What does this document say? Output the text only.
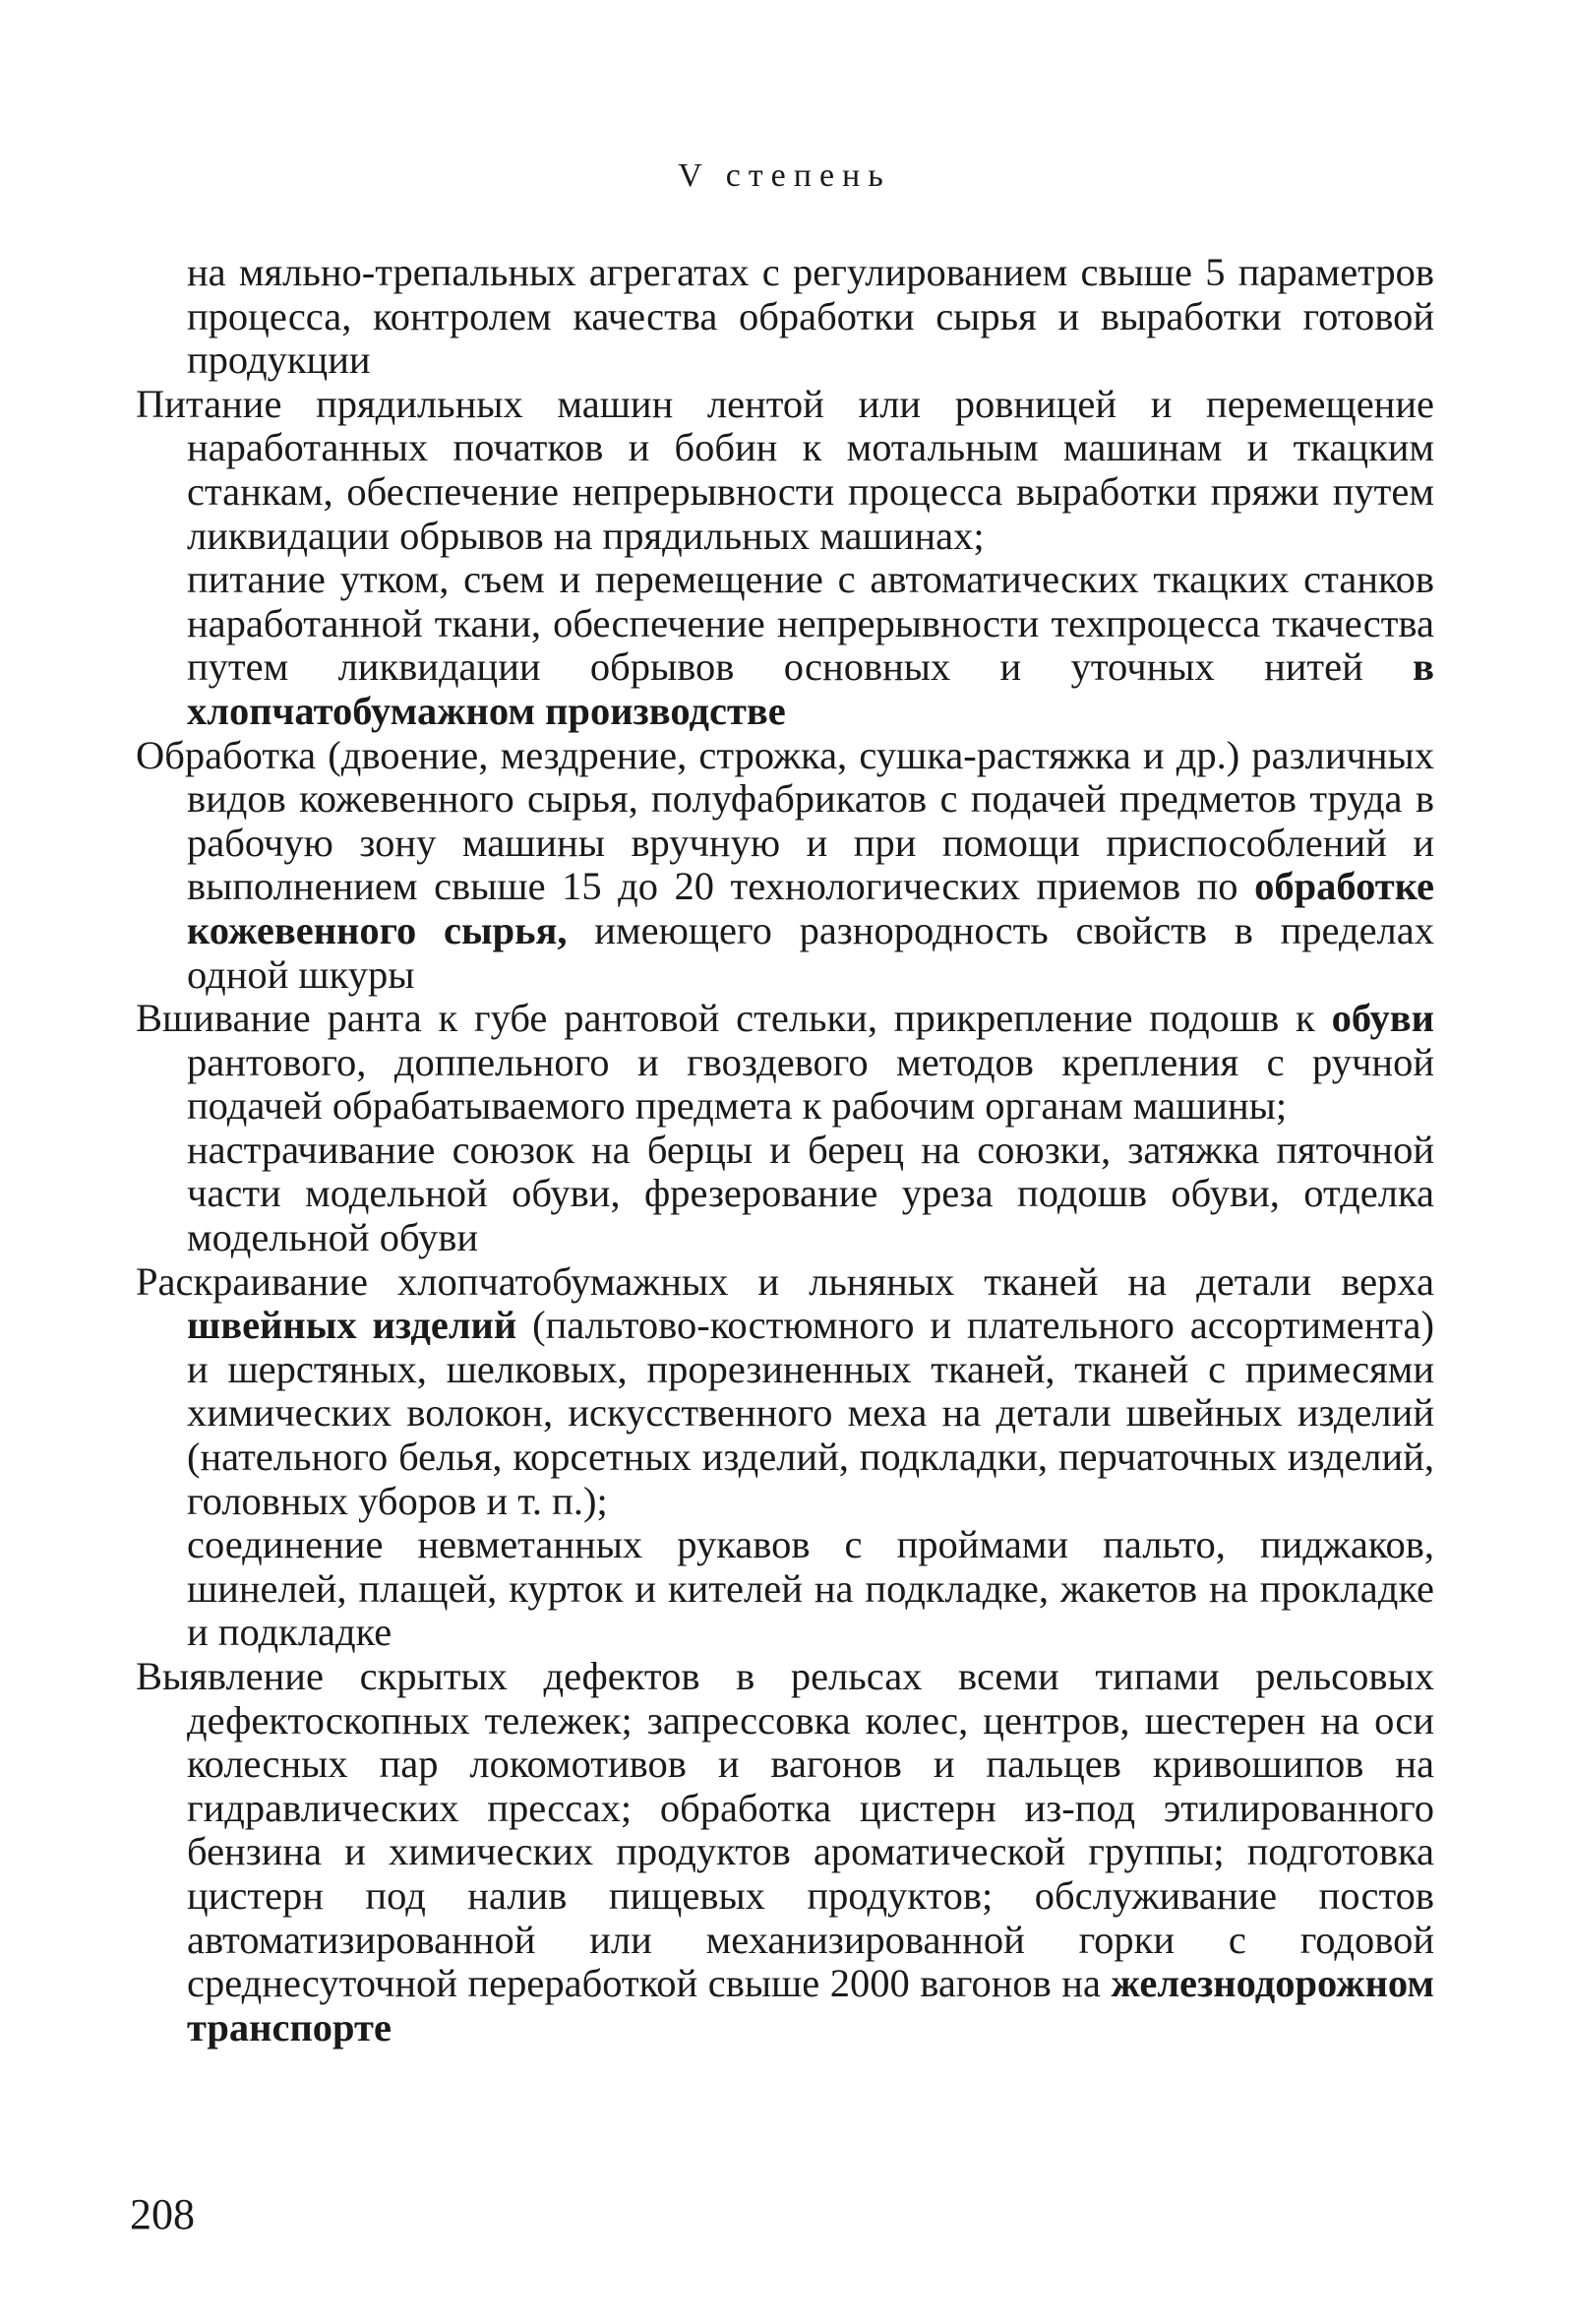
V степень

на мяльно-трепальных агрегатах с регулированием свыше 5 параметров процесса, контролем качества обработки сырья и выработки готовой продукции

Питание прядильных машин лентой или ровницей и перемещение наработанных початков и бобин к мотальным машинам и ткацким станкам, обеспечение непрерывности процесса выработки пряжи путем ликвидации обрывов на прядильных машинах;

питание утком, съем и перемещение с автоматических ткацких станков наработанной ткани, обеспечение непрерывности техпроцесса ткачества путем ликвидации обрывов основных и уточных нитей в хлопчатобумажном производстве

Обработка (двоение, мездрение, строжка, сушка-растяжка и др.) различных видов кожевенного сырья, полуфабрикатов с подачей предметов труда в рабочую зону машины вручную и при помощи приспособлений и выполнением свыше 15 до 20 технологических приемов по обработке кожевенного сырья, имеющего разнородность свойств в пределах одной шкуры

Вшивание ранта к губе рантовой стельки, прикрепление подошв к обуви рантового, доппельного и гвоздевого методов крепления с ручной подачей обрабатываемого предмета к рабочим органам машины;

настрачивание союзок на берцы и берец на союзки, затяжка пяточной части модельной обуви, фрезерование уреза подошв обуви, отделка модельной обуви

Раскраивание хлопчатобумажных и льняных тканей на детали верха швейных изделий (пальтово-костюмного и плательного ассортимента) и шерстяных, шелковых, прорезиненных тканей, тканей с примесями химических волокон, искусственного меха на детали швейных изделий (нательного белья, корсетных изделий, подкладки, перчаточных изделий, головных уборов и т. п.);

соединение невметанных рукавов с проймами пальто, пиджаков, шинелей, плащей, курток и кителей на подкладке, жакетов на прокладке и подкладке

Выявление скрытых дефектов в рельсах всеми типами рельсовых дефектоскопных тележек; запрессовка колес, центров, шестерен на оси колесных пар локомотивов и вагонов и пальцев кривошипов на гидравлических прессах; обработка цистерн из-под этилированного бензина и химических продуктов ароматической группы; подготовка цистерн под налив пищевых продуктов; обслуживание постов автоматизированной или механизированной горки с годовой среднесуточной переработкой свыше 2000 вагонов на железнодорожном транспорте

208
